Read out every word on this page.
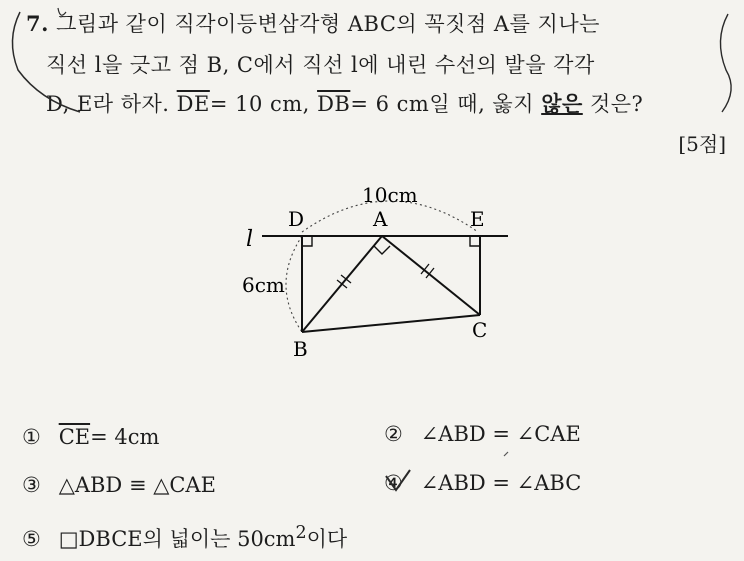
7. 그림과 같이 직각이등변삼각형 ABC의 꼭짓점 A를 지나는
직선 l을 긋고 점 B, C에서 직선 l에 내린 수선의 발을 각각
D, E라 하자. $\overline{DE}= 10$ cm, $\overline{DB}= 6$ cm일 때, 옳지 않은 것은?
[5점]
l
D	A	E
B
C
10cm
6cm
① $\overline{CE}= 4cm$	② ∠ABD = ∠CAE
③ △ABD ≡ △CAE	④ ∠ABD = ∠ABC
⑤ □DBCE의 넓이는 $50cm^2$이다
